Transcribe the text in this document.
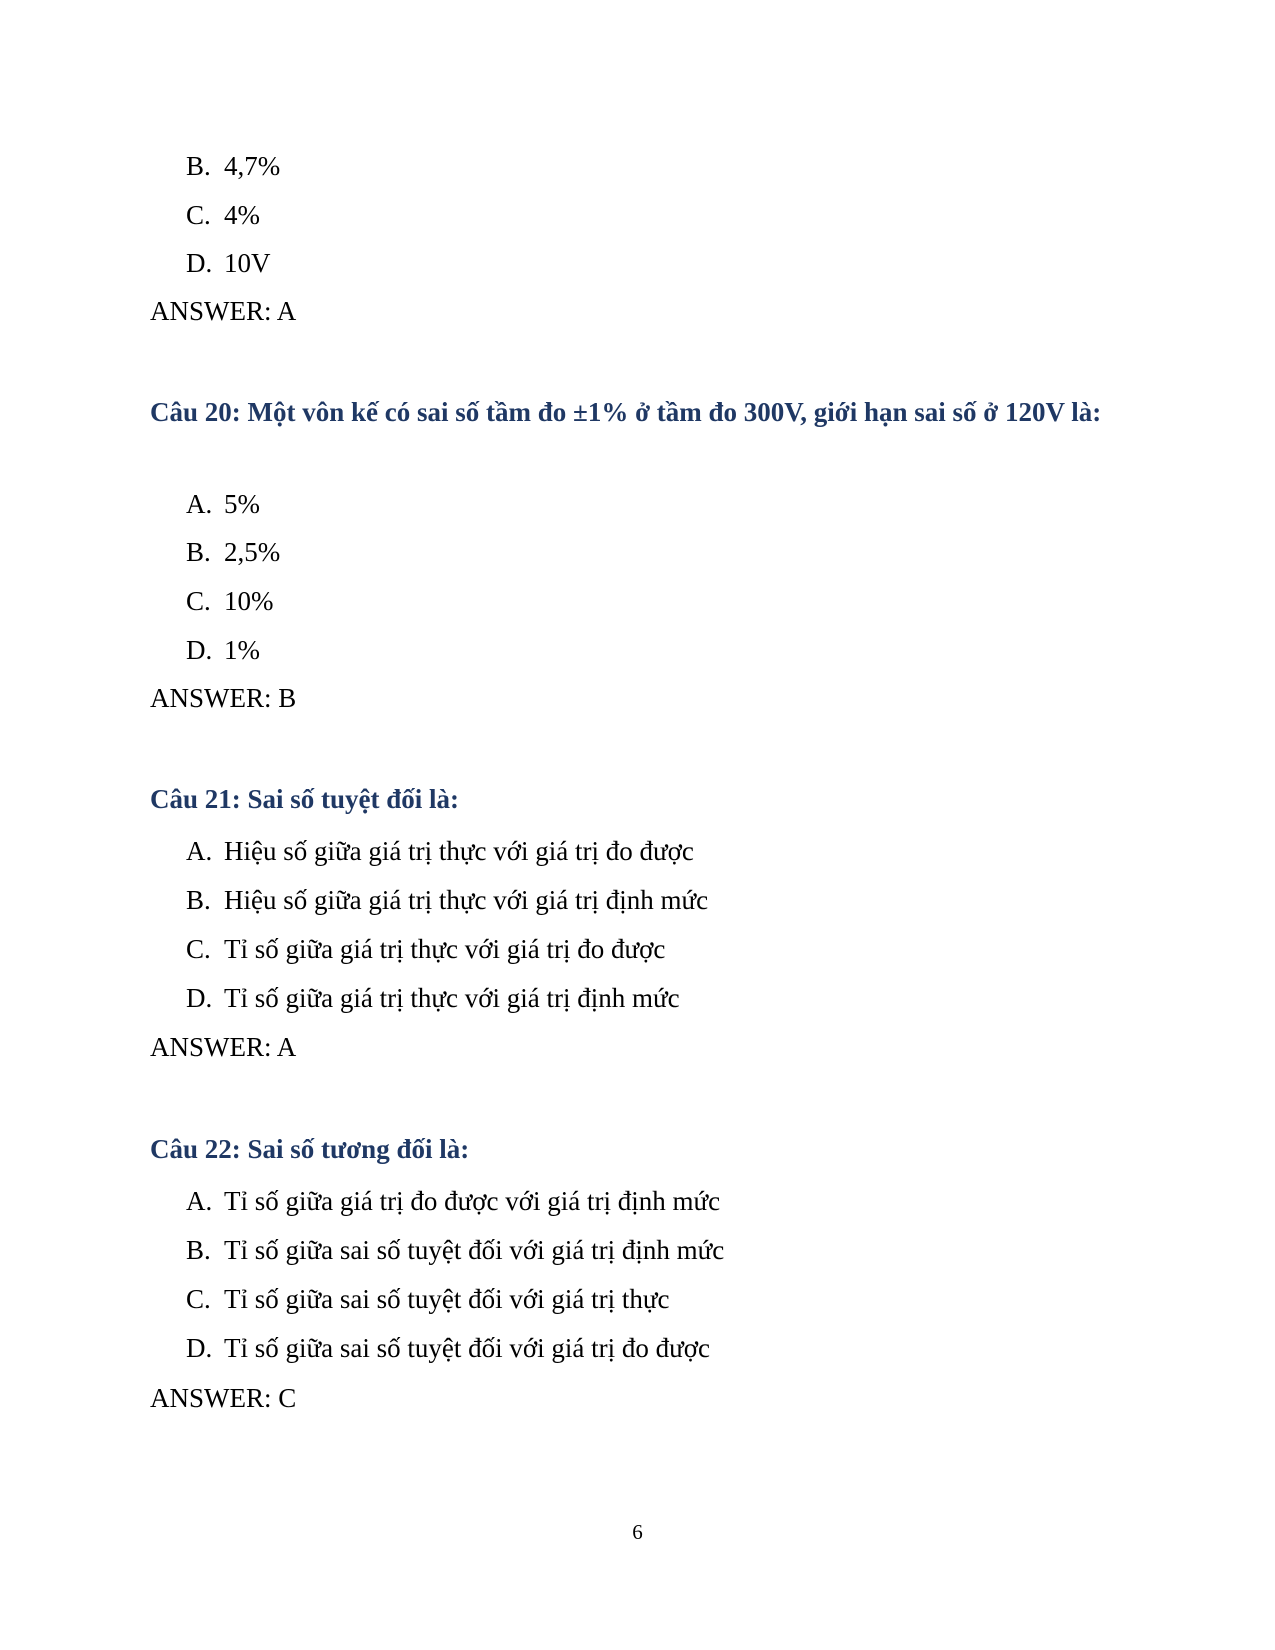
B. 4,7%
C. 4%
D. 10V
ANSWER: A
Câu 20: Một vôn kế có sai số tầm đo ±1% ở tầm đo 300V, giới hạn sai số ở 120V là:
A. 5%
B. 2,5%
C. 10%
D. 1%
ANSWER: B
Câu 21: Sai số tuyệt đối là:
A. Hiệu số giữa giá trị thực với giá trị đo được
B. Hiệu số giữa giá trị thực với giá trị định mức
C. Tỉ số giữa giá trị thực với giá trị đo được
D. Tỉ số giữa giá trị thực với giá trị định mức
ANSWER: A
Câu 22: Sai số tương đối là:
A. Tỉ số giữa giá trị đo được với giá trị định mức
B. Tỉ số giữa sai số tuyệt đối với giá trị định mức
C. Tỉ số giữa sai số tuyệt đối với giá trị thực
D. Tỉ số giữa sai số tuyệt đối với giá trị đo được
ANSWER: C
6
